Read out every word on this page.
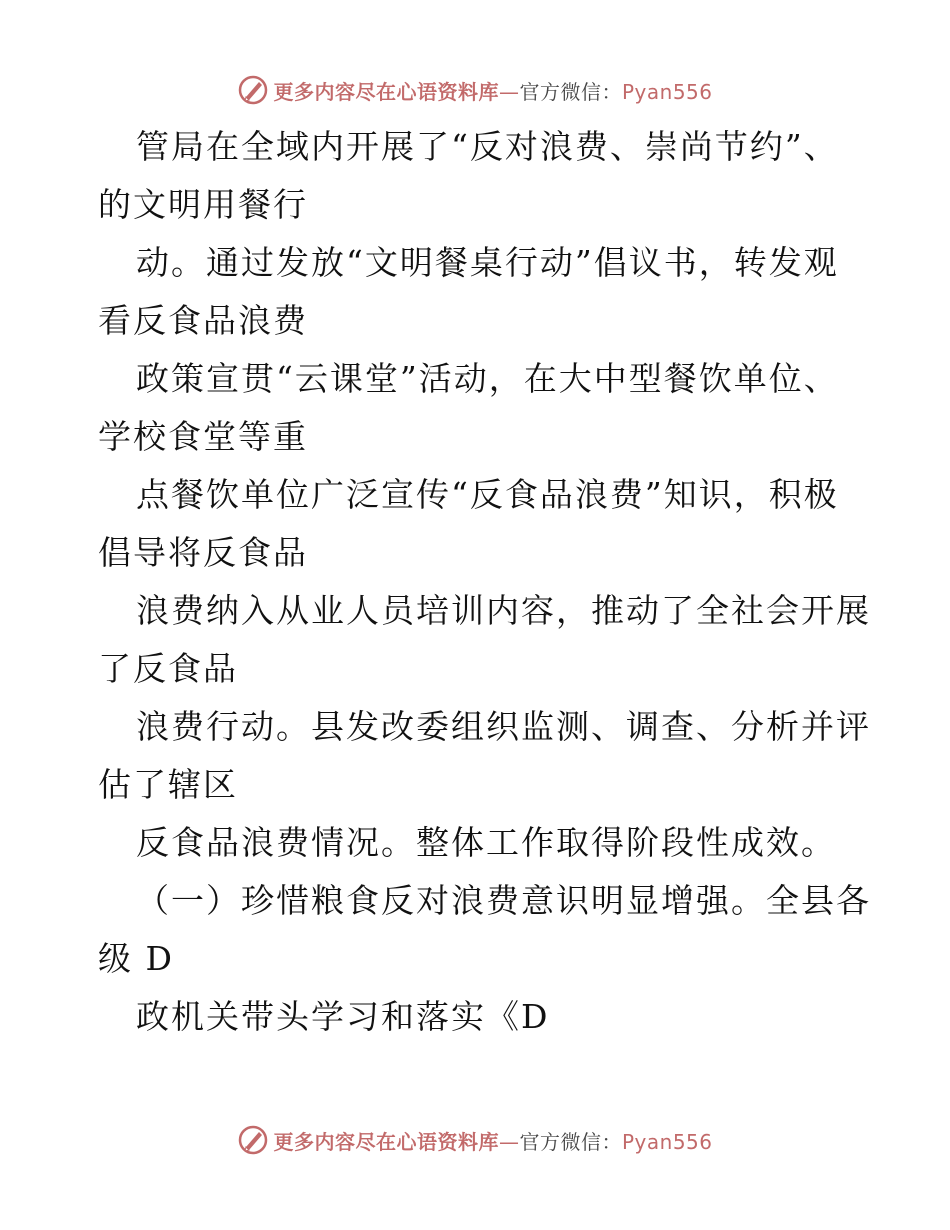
更多内容尽在心语资料库—官方微信：Pyan556
管局在全域内开展了“反对浪费、崇尚节约”、
的文明用餐行
动。通过发放“文明餐桌行动”倡议书，转发观
看反食品浪费
政策宣贯“云课堂”活动，在大中型餐饮单位、
学校食堂等重
点餐饮单位广泛宣传“反食品浪费”知识，积极
倡导将反食品
浪费纳入从业人员培训内容，推动了全社会开展
了反食品
浪费行动。县发改委组织监测、调查、分析并评
估了辖区
反食品浪费情况。整体工作取得阶段性成效。
（一）珍惜粮食反对浪费意识明显增强。全县各
级 D
政机关带头学习和落实《D
更多内容尽在心语资料库—官方微信：Pyan556
